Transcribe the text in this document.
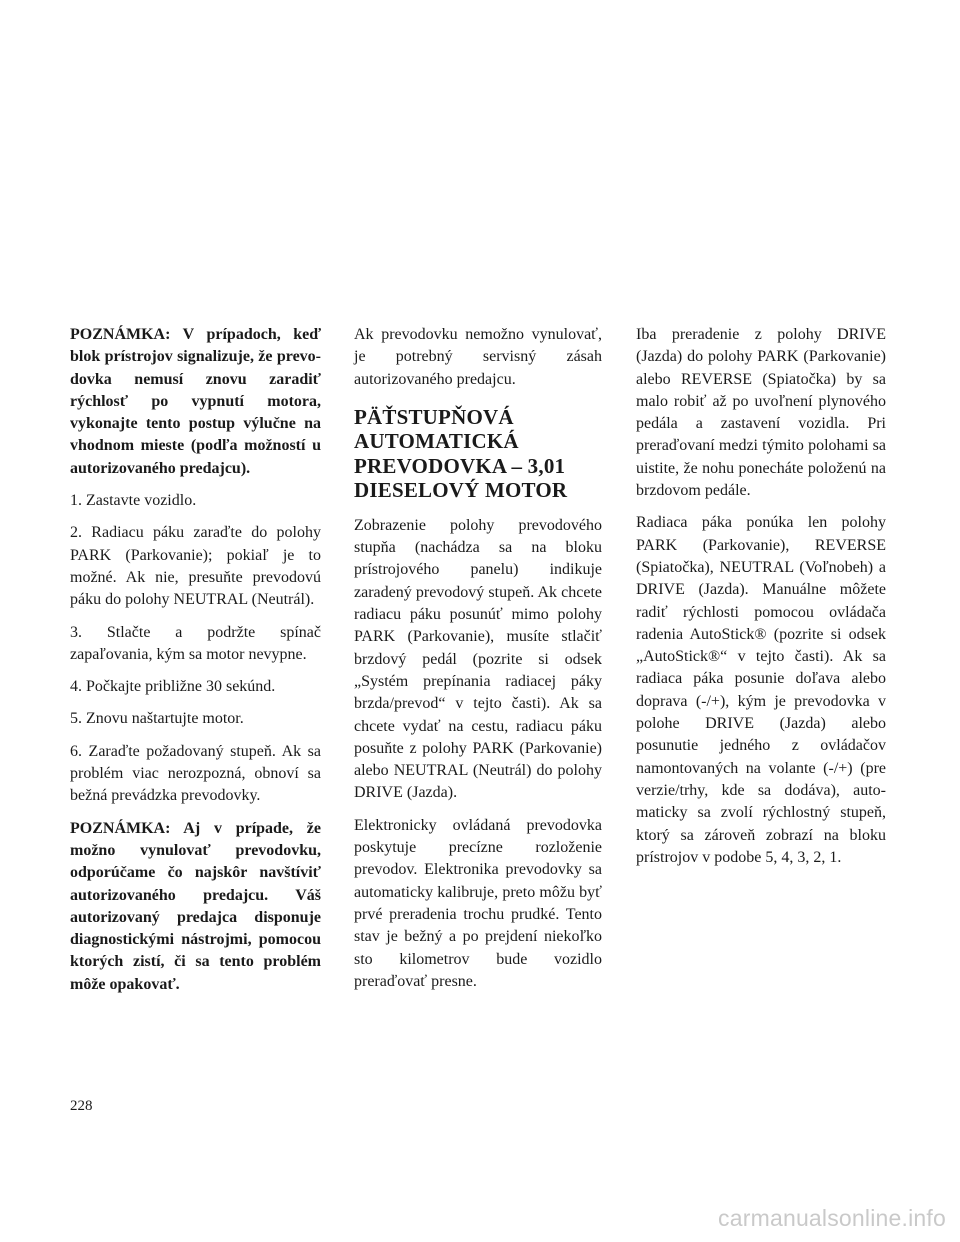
POZNÁMKA: V prípadoch, keď blok prístrojov signalizuje, že prevodovka nemusí znovu zaradiť rýchlosť po vypnutí motora, vykonajte tento postup výlučne na vhodnom mieste (podľa možností u autorizovaného predajcu).

1. Zastavte vozidlo.

2. Radiacu páku zaraďte do polohy PARK (Parkovanie); pokiaľ je to možné. Ak nie, presuňte prevodovú páku do polohy NEUTRAL (Neutrál).

3. Stlačte a podržte spínač zapaľovania, kým sa motor nevypne.

4. Počkajte približne 30 sekúnd.

5. Znovu naštartujte motor.

6. Zaraďte požadovaný stupeň. Ak sa problém viac nerozpozná, obnoví sa bežná prevádzka prevodovky.

POZNÁMKA: Aj v prípade, že možno vynulovať prevodovku, odporúčame čo najskôr navštíviť autorizovaného predajcu. Váš autorizovaný predajca disponuje diagnostickými nástrojmi, pomocou ktorých zistí, či sa tento problém môže opakovať.

Ak prevodovku nemožno vynulovať, je potrebný servisný zásah autorizovaného predajcu.

PÄŤSTUPŇOVÁ
AUTOMATICKÁ
PREVODOVKA – 3,01
DIESELOVÝ MOTOR

Zobrazenie polohy prevodového stupňa (nachádza sa na bloku prístrojového panelu) indikuje zaradený prevodový stupeň. Ak chcete radiacu páku posunúť mimo polohy PARK (Parkovanie), musíte stlačiť brzdový pedál (pozrite si odsek „Systém prepínania radiacej páky brzda/prevod“ v tejto časti). Ak sa chcete vydať na cestu, radiacu páku posuňte z polohy PARK (Parkovanie) alebo NEUTRAL (Neutrál) do polohy DRIVE (Jazda).

Elektronicky ovládaná prevodovka poskytuje precízne rozloženie prevodov. Elektronika prevodovky sa automaticky kalibruje, preto môžu byť prvé preradenia trochu prudké. Tento stav je bežný a po prejdení niekoľko sto kilometrov bude vozidlo preraďovať presne.

Iba preradenie z polohy DRIVE (Jazda) do polohy PARK (Parkovanie) alebo REVERSE (Spiatočka) by sa malo robiť až po uvoľnení plynového pedála a zastavení vozidla. Pri preraďovaní medzi týmito polohami sa uistite, že nohu ponecháte položenú na brzdovom pedále.

Radiaca páka ponúka len polohy PARK (Parkovanie), REVERSE (Spiatočka), NEUTRAL (Voľnobeh) a DRIVE (Jazda). Manuálne môžete radiť rýchlosti pomocou ovládača radenia AutoStick® (pozrite si odsek „AutoStick®“ v tejto časti). Ak sa radiaca páka posunie doľava alebo doprava (-/+), kým je prevodovka v polohe DRIVE (Jazda) alebo posunutie jedného z ovládačov namontovaných na volante (-/+) (pre verzie/trhy, kde sa dodáva), automaticky sa zvolí rýchlostný stupeň, ktorý sa zároveň zobrazí na bloku prístrojov v podobe 5, 4, 3, 2, 1.

228
carmanualsonline.info
